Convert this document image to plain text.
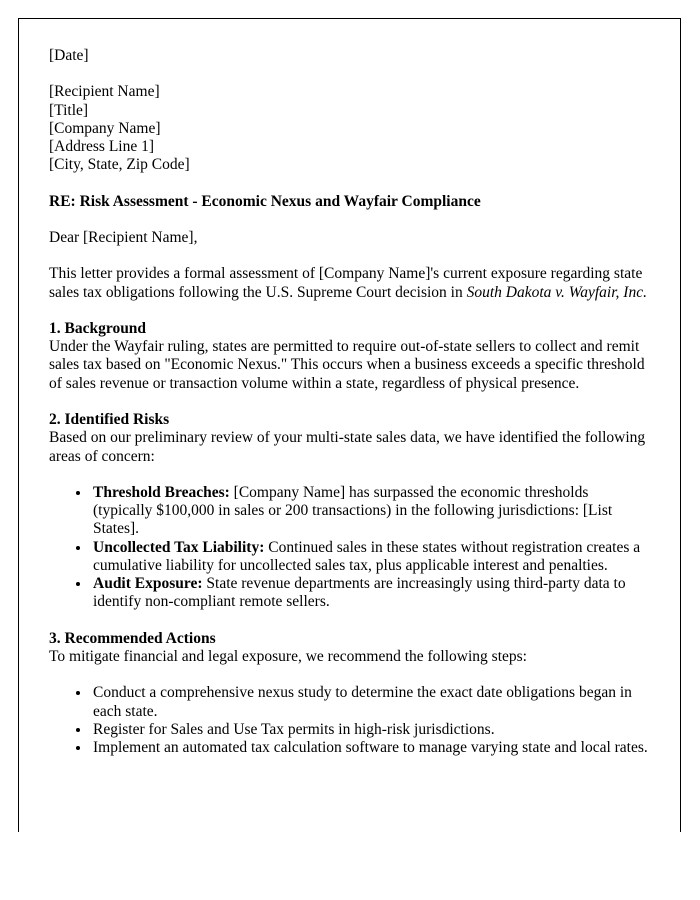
[Date]

[Recipient Name]

[Title]

[Company Name]

[Address Line 1]

[City, State, Zip Code]

RE: Risk Assessment - Economic Nexus and Wayfair Compliance

Dear [Recipient Name],

This letter provides a formal assessment of [Company Name]'s current exposure regarding state sales tax obligations following the U.S. Supreme Court decision in South Dakota v. Wayfair, Inc.

1. Background

Under the Wayfair ruling, states are permitted to require out-of-state sellers to collect and remit sales tax based on "Economic Nexus." This occurs when a business exceeds a specific threshold of sales revenue or transaction volume within a state, regardless of physical presence.

2. Identified Risks

Based on our preliminary review of your multi-state sales data, we have identified the following areas of concern:

• Threshold Breaches: [Company Name] has surpassed the economic thresholds (typically $100,000 in sales or 200 transactions) in the following jurisdictions: [List States].
• Uncollected Tax Liability: Continued sales in these states without registration creates a cumulative liability for uncollected sales tax, plus applicable interest and penalties.
• Audit Exposure: State revenue departments are increasingly using third-party data to identify non-compliant remote sellers.

3. Recommended Actions

To mitigate financial and legal exposure, we recommend the following steps:

• Conduct a comprehensive nexus study to determine the exact date obligations began in each state.
• Register for Sales and Use Tax permits in high-risk jurisdictions.
• Implement an automated tax calculation software to manage varying state and local rates.
